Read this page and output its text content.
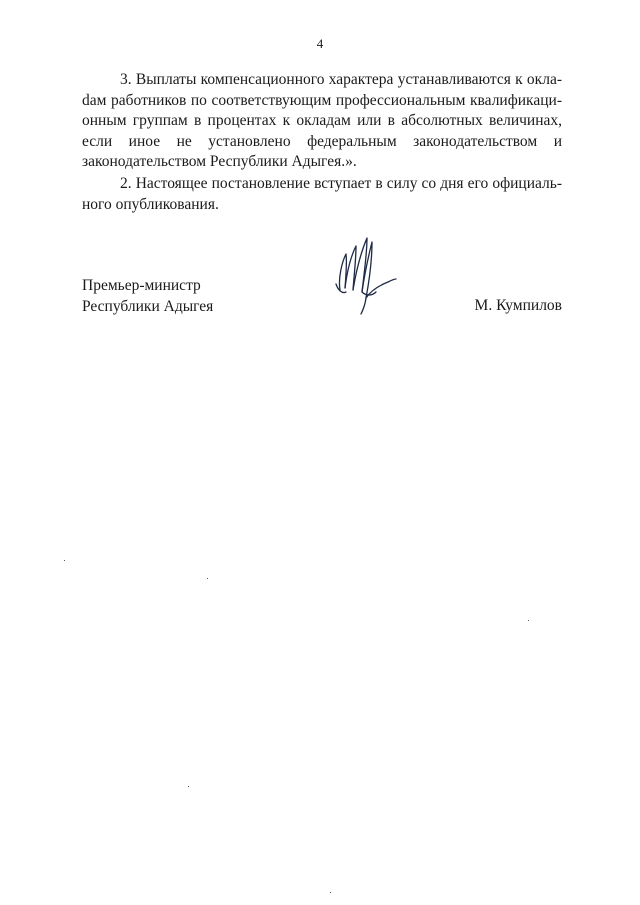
4

3. Выплаты компенсационного характера устанавливаются к оклаdам работников по соответствующим профессиональным квалификационным группам в процентах к окладам или в абсолютных величинах, если иное не установлено федеральным законодательством и законодательством Республики Адыгея.».

2. Настоящее постановление вступает в силу со дня его официального опубликования.

Премьер-министр
Республики Адыгея	М. Кумпилов
